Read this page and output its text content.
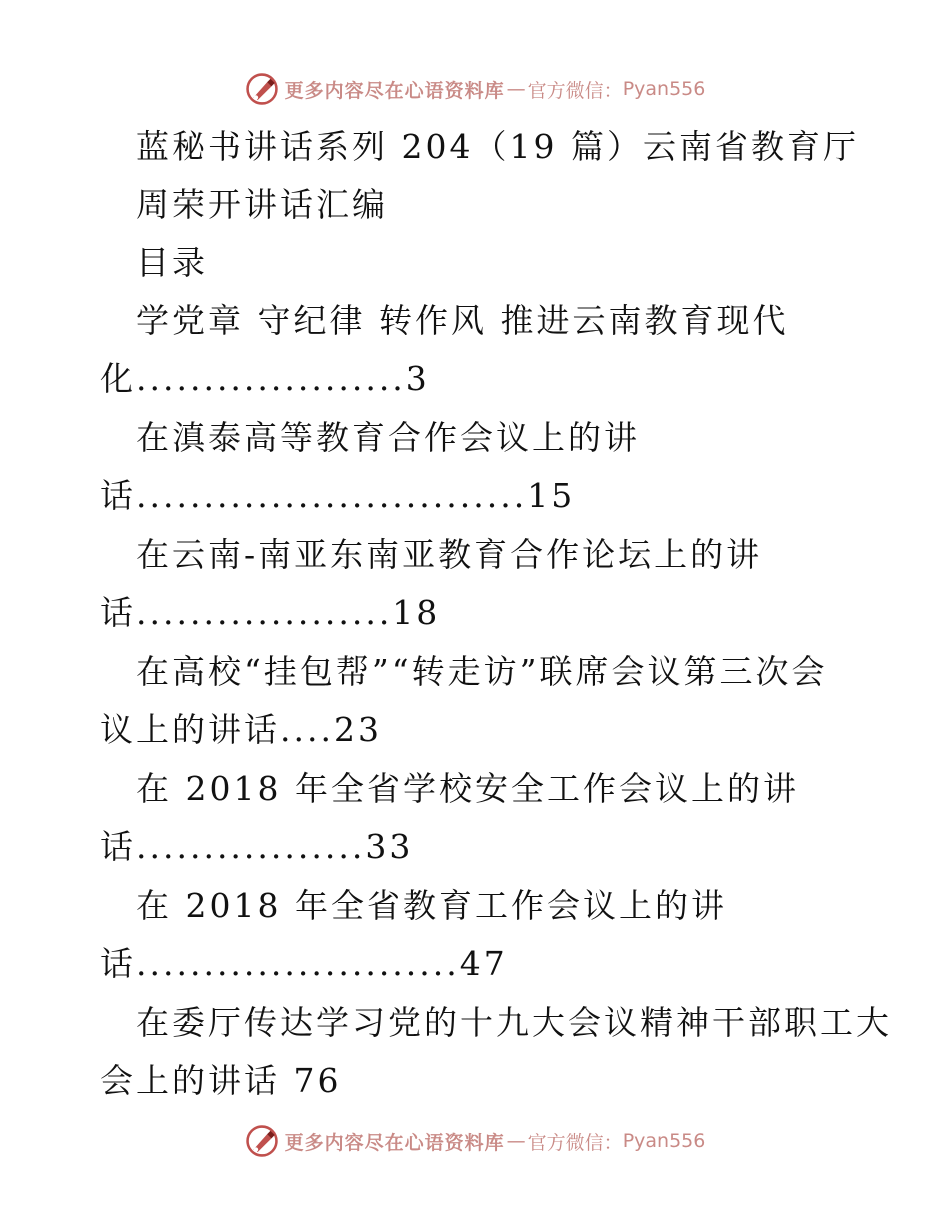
更多内容尽在心语资料库 — 官方微信： Pyan556
蓝秘书讲话系列 204（19 篇）云南省教育厅
周荣开讲话汇编
目录
学党章 守纪律 转作风 推进云南教育现代
化....................3
在滇泰高等教育合作会议上的讲
话.............................15
在云南-南亚东南亚教育合作论坛上的讲
话...................18
在高校“挂包帮”“转走访”联席会议第三次会
议上的讲话....23
在 2018 年全省学校安全工作会议上的讲
话.................33
在 2018 年全省教育工作会议上的讲
话........................47
在委厅传达学习党的十九大会议精神干部职工大
会上的讲话 76
更多内容尽在心语资料库 — 官方微信： Pyan556
